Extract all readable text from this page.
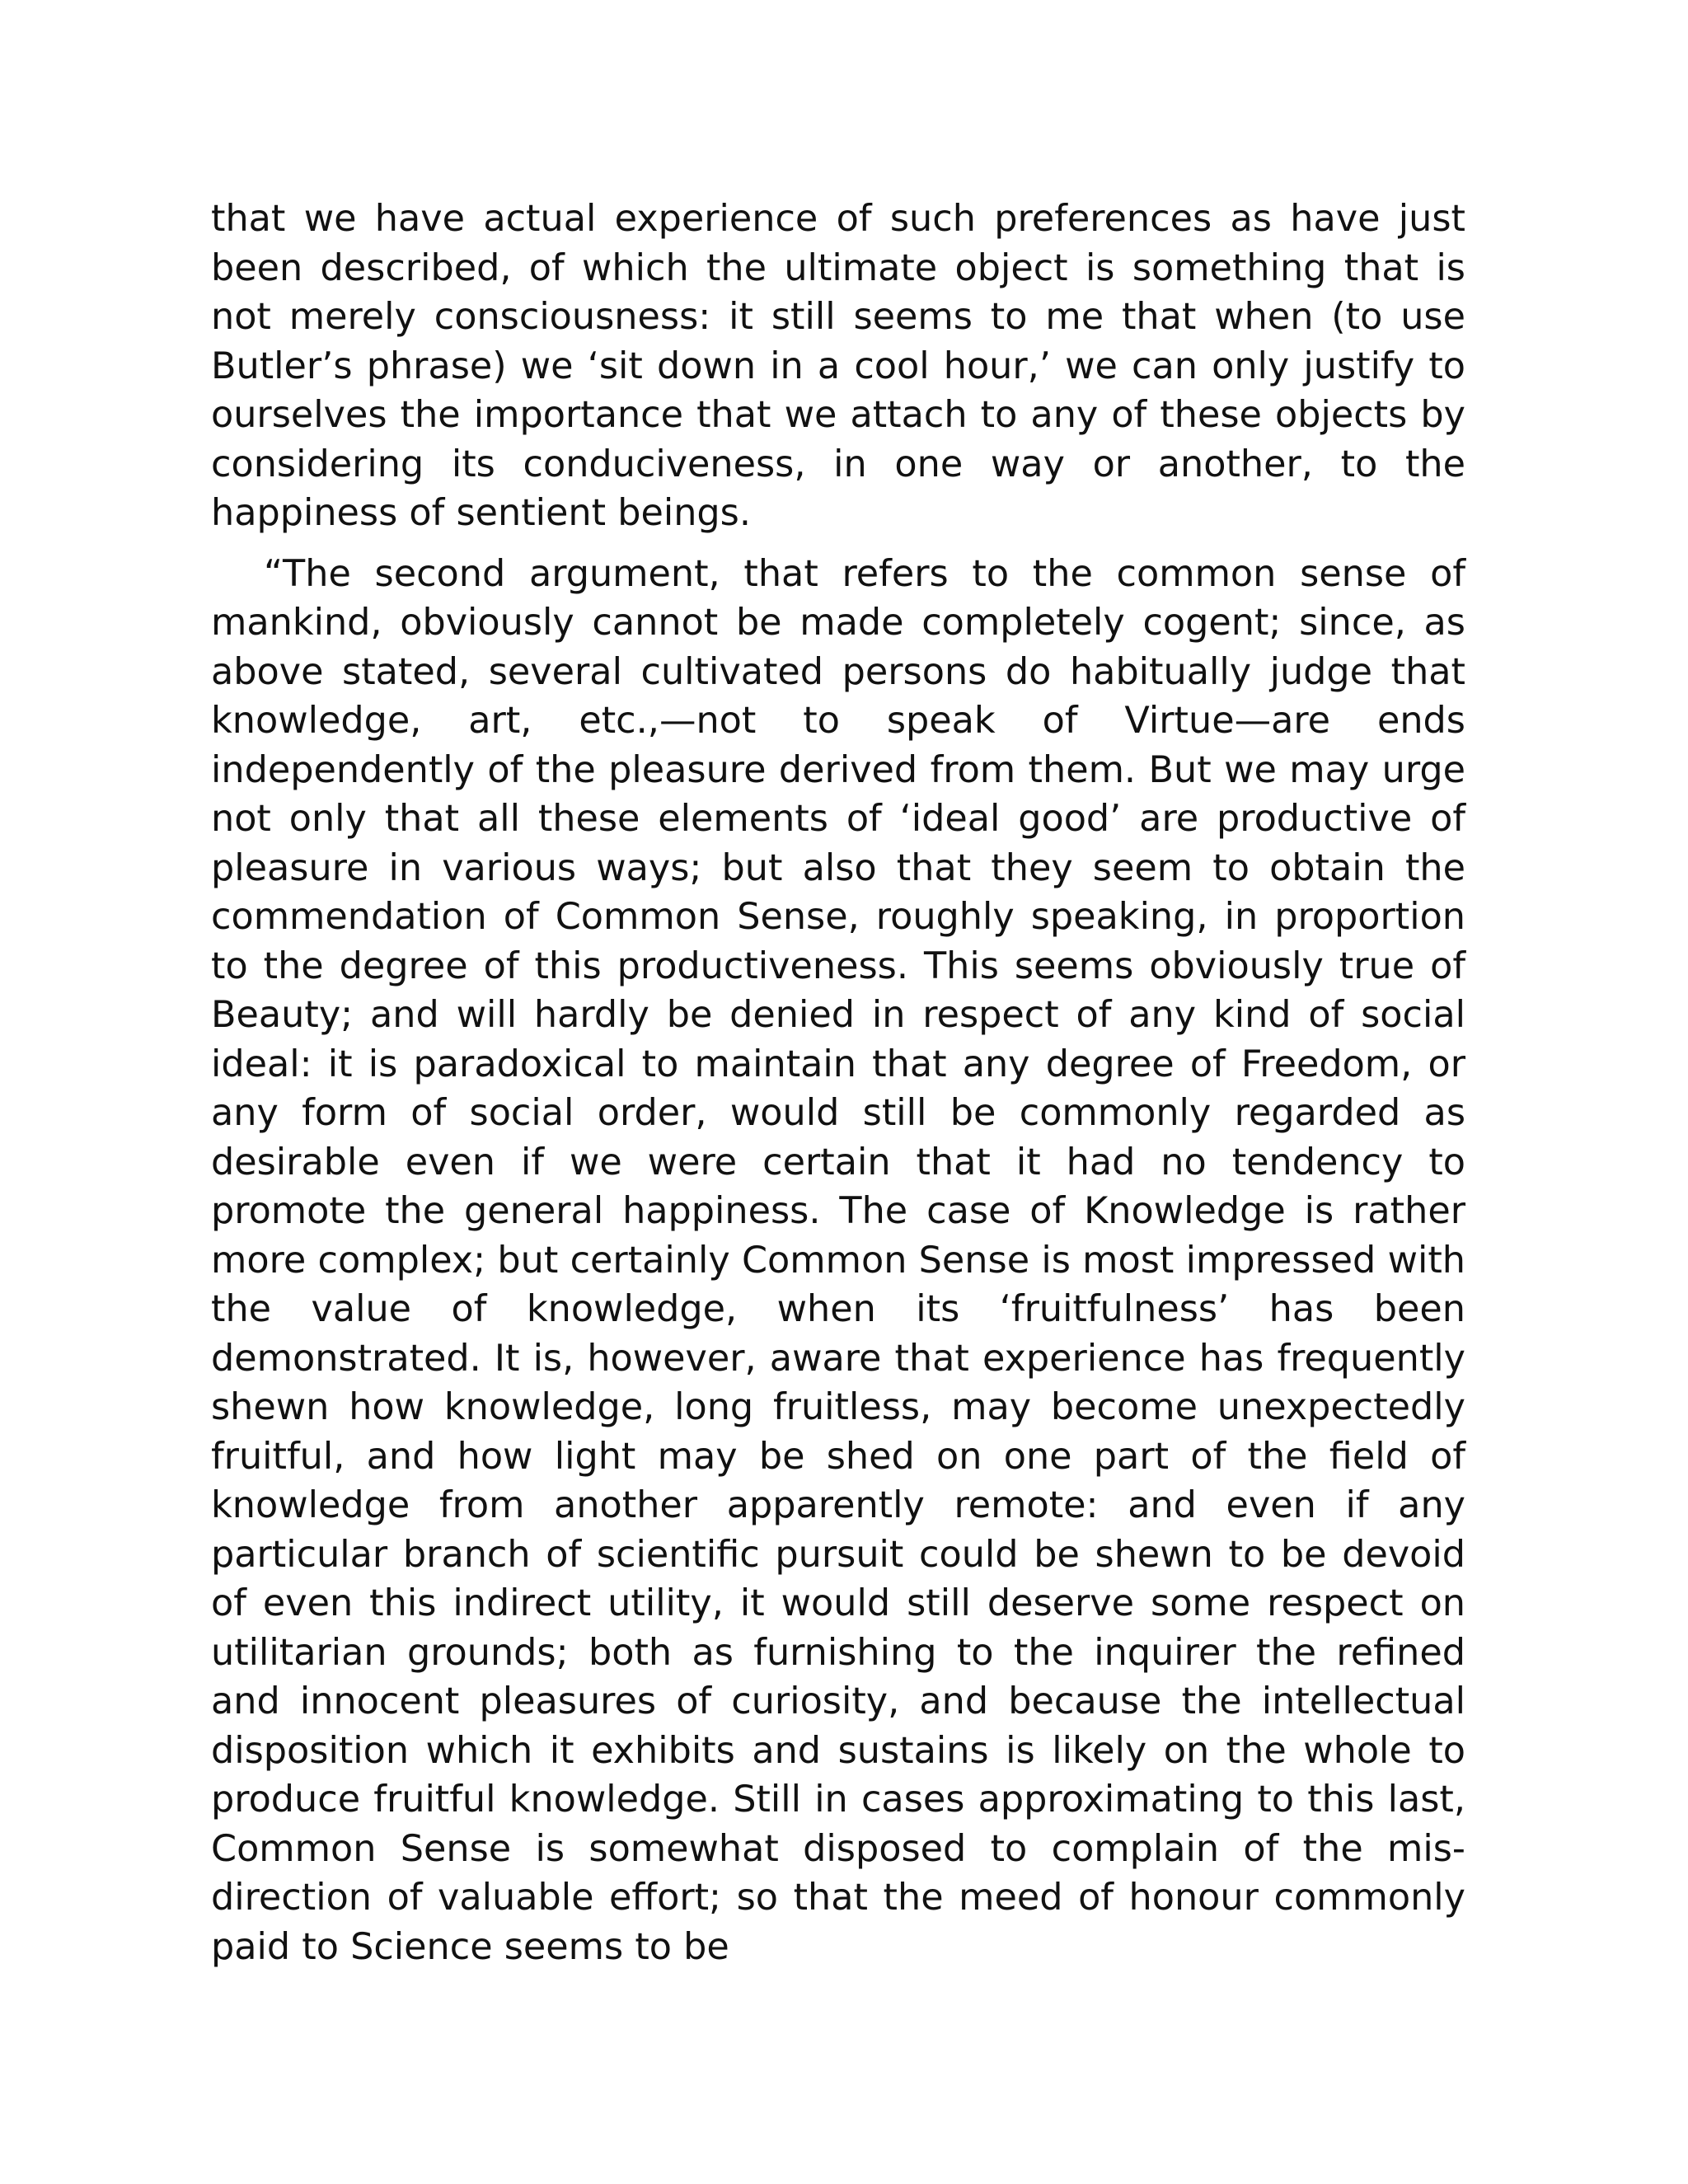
that we have actual experience of such preferences as have just been described, of which the ultimate object is something that is not merely consciousness: it still seems to me that when (to use Butler’s phrase) we ‘sit down in a cool hour,’ we can only justify to ourselves the importance that we attach to any of these objects by considering its conduciveness, in one way or another, to the happiness of sentient beings.

“The second argument, that refers to the common sense of mankind, obviously cannot be made completely cogent; since, as above stated, several cultivated persons do habitually judge that knowledge, art, etc.,—not to speak of Virtue—are ends independently of the pleasure derived from them. But we may urge not only that all these elements of ‘ideal good’ are productive of pleasure in various ways; but also that they seem to obtain the commendation of Common Sense, roughly speaking, in proportion to the degree of this productiveness. This seems obviously true of Beauty; and will hardly be denied in respect of any kind of social ideal: it is paradoxical to maintain that any degree of Freedom, or any form of social order, would still be commonly regarded as desirable even if we were certain that it had no tendency to promote the general happiness. The case of Knowledge is rather more complex; but certainly Common Sense is most impressed with the value of knowledge, when its ‘fruitfulness’ has been demonstrated. It is, however, aware that experience has frequently shewn how knowledge, long fruitless, may become unexpectedly fruitful, and how light may be shed on one part of the field of knowledge from another apparently remote: and even if any particular branch of scientific pursuit could be shewn to be devoid of even this indirect utility, it would still deserve some respect on utilitarian grounds; both as furnishing to the inquirer the refined and innocent pleasures of curiosity, and because the intellectual disposition which it exhibits and sustains is likely on the whole to produce fruitful knowledge. Still in cases approximating to this last, Common Sense is somewhat disposed to complain of the mis-direction of valuable effort; so that the meed of honour commonly paid to Science seems to be
